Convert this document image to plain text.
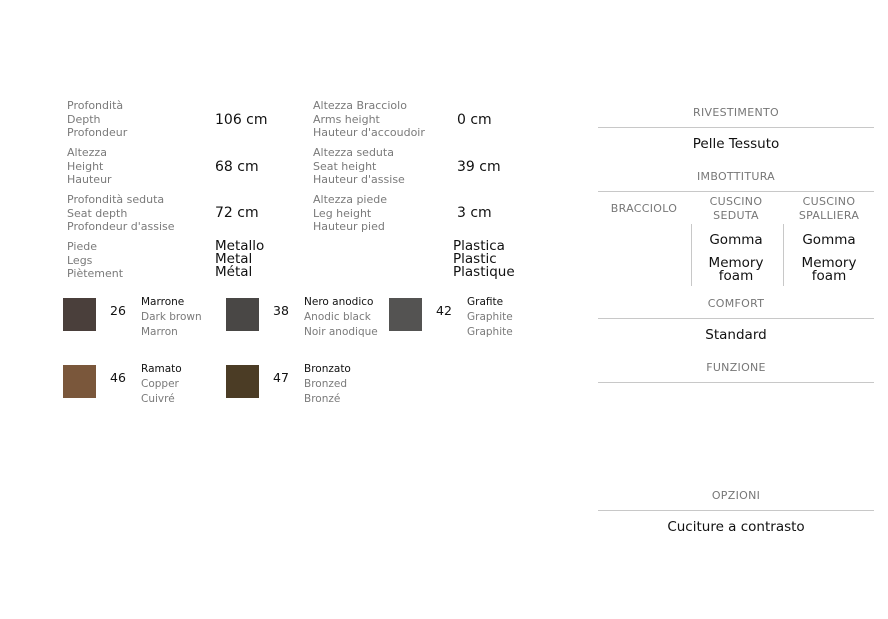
Profondità
Depth
Profondeur
106 cm
Altezza Bracciolo
Arms height
Hauteur d'accoudoir
0 cm
Altezza
Height
Hauteur
68 cm
Altezza seduta
Seat height
Hauteur d'assise
39 cm
Profondità seduta
Seat depth
Profondeur d'assise
72 cm
Altezza piede
Leg height
Hauteur pied
3 cm
Piede
Legs
Piètement
Metallo
Metal
Métal
Plastica
Plastic
Plastique
26
Marrone
Dark brown
Marron
38
Nero anodico
Anodic black
Noir anodique
42
Grafite
Graphite
Graphite
46
Ramato
Copper
Cuivré
47
Bronzato
Bronzed
Bronzé
RIVESTIMENTO
Pelle Tessuto
IMBOTTITURA
BRACCIOLO
CUSCINO SEDUTA
CUSCINO SPALLIERA
Gomma
Memory foam
Gomma
Memory foam
COMFORT
Standard
FUNZIONE
OPZIONI
Cuciture a contrasto
